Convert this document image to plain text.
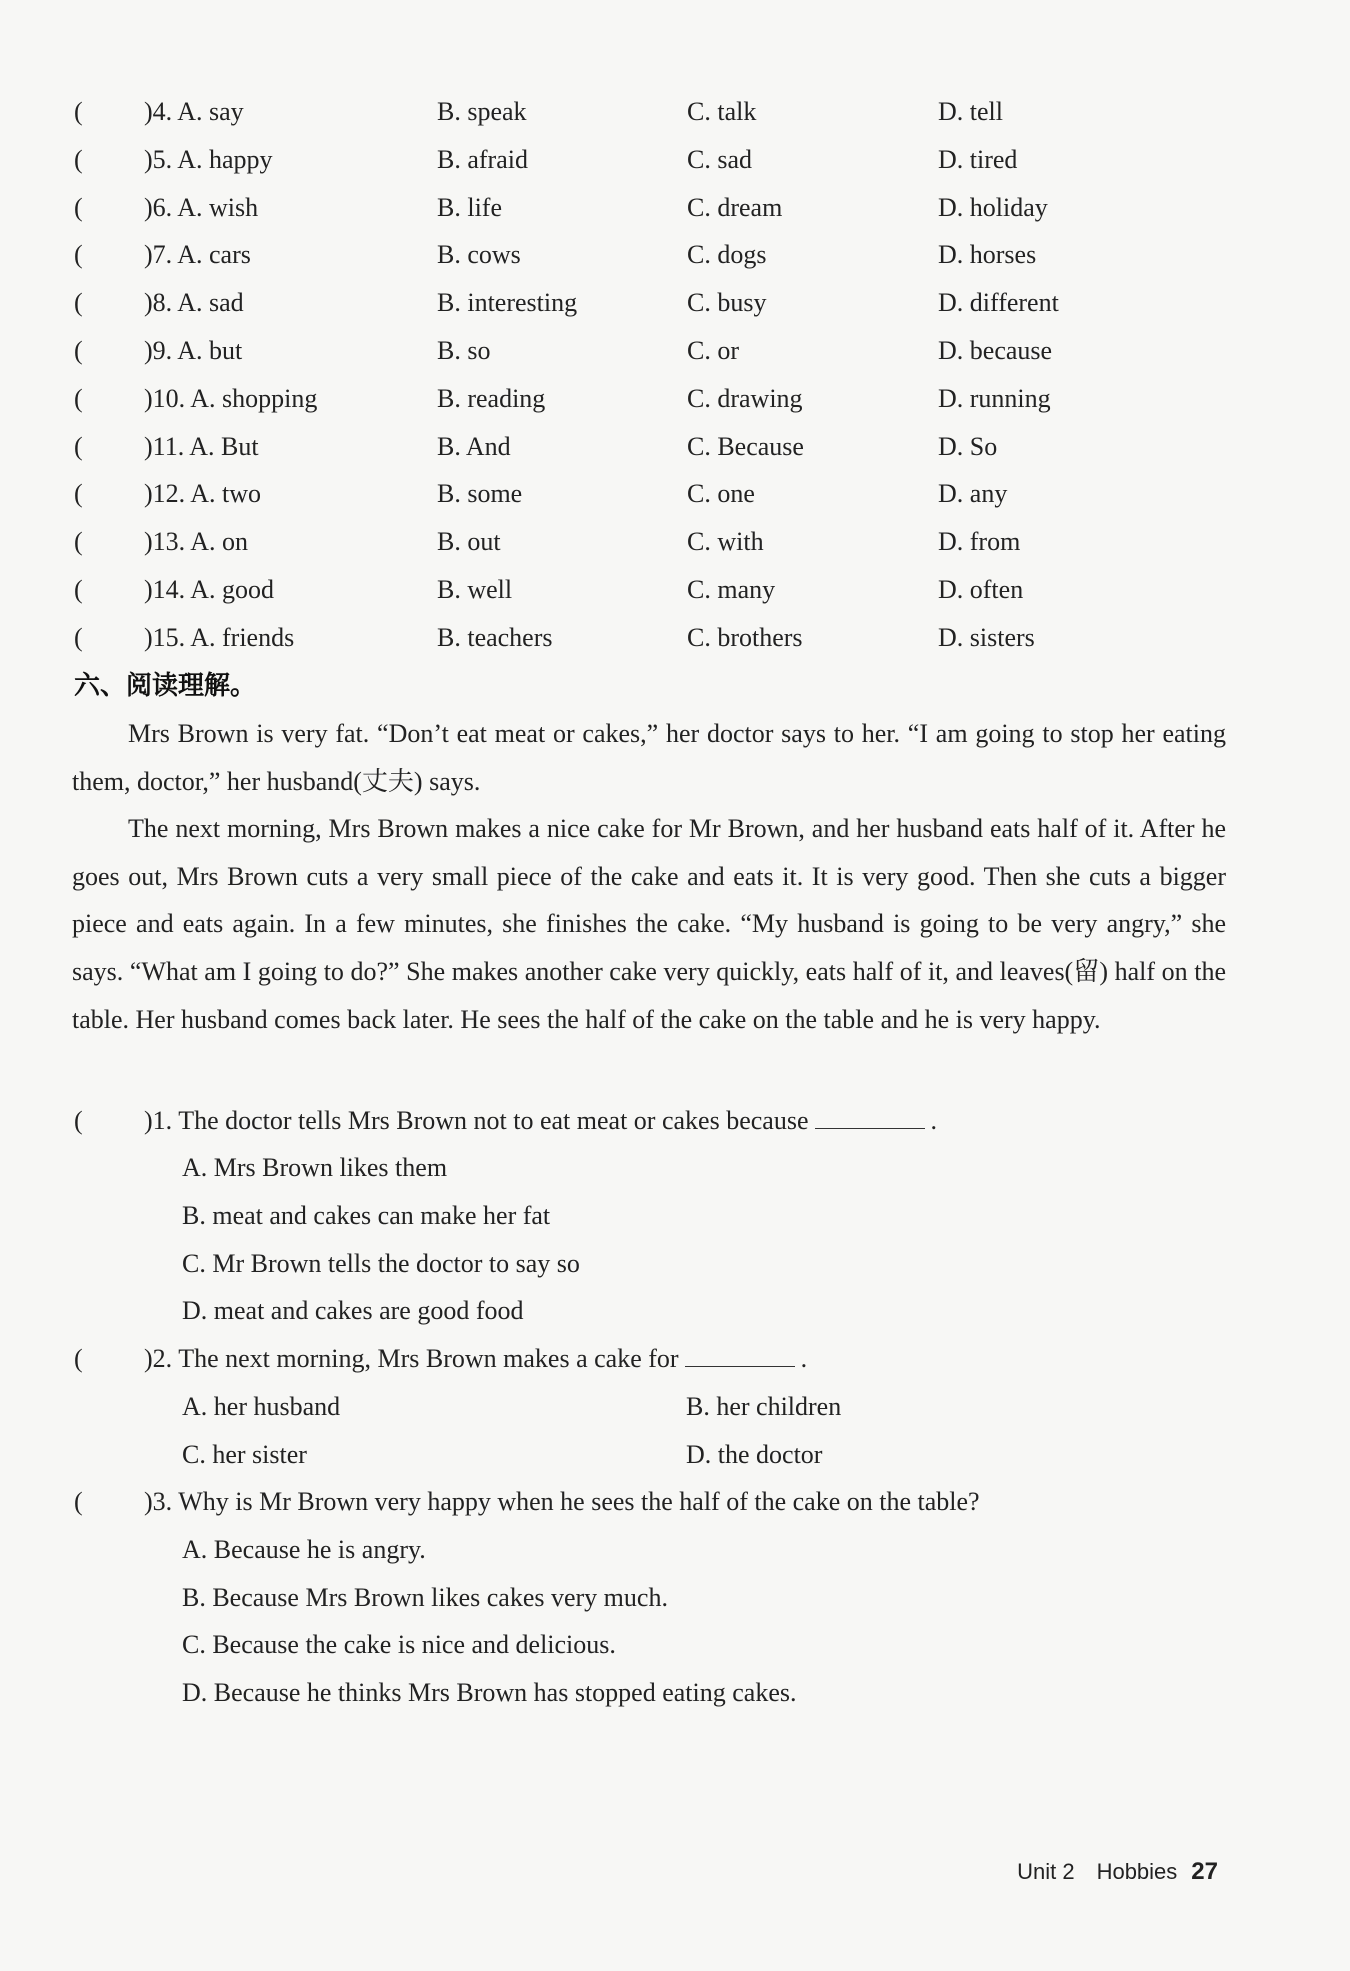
( )4. A. say	B. speak	C. talk	D. tell
( )5. A. happy	B. afraid	C. sad	D. tired
( )6. A. wish	B. life	C. dream	D. holiday
( )7. A. cars	B. cows	C. dogs	D. horses
( )8. A. sad	B. interesting	C. busy	D. different
( )9. A. but	B. so	C. or	D. because
( )10. A. shopping	B. reading	C. drawing	D. running
( )11. A. But	B. And	C. Because	D. So
( )12. A. two	B. some	C. one	D. any
( )13. A. on	B. out	C. with	D. from
( )14. A. good	B. well	C. many	D. often
( )15. A. friends	B. teachers	C. brothers	D. sisters
六、阅读理解。

Mrs Brown is very fat. “Don’t eat meat or cakes,” her doctor says to her. “I am going to stop her eating them, doctor,” her husband(丈夫) says.

The next morning, Mrs Brown makes a nice cake for Mr Brown, and her husband eats half of it. After he goes out, Mrs Brown cuts a very small piece of the cake and eats it. It is very good. Then she cuts a bigger piece and eats again. In a few minutes, she finishes the cake. “My husband is going to be very angry,” she says. “What am I going to do?” She makes another cake very quickly, eats half of it, and leaves(留) half on the table. Her husband comes back later. He sees the half of the cake on the table and he is very happy.

( )1. The doctor tells Mrs Brown not to eat meat or cakes because	.
A. Mrs Brown likes them
B. meat and cakes can make her fat
C. Mr Brown tells the doctor to say so
D. meat and cakes are good food
( )2. The next morning, Mrs Brown makes a cake for	.
A. her husband	B. her children
C. her sister	D. the doctor
( )3. Why is Mr Brown very happy when he sees the half of the cake on the table?
A. Because he is angry.
B. Because Mrs Brown likes cakes very much.
C. Because the cake is nice and delicious.
D. Because he thinks Mrs Brown has stopped eating cakes.
Unit 2 Hobbies 27
